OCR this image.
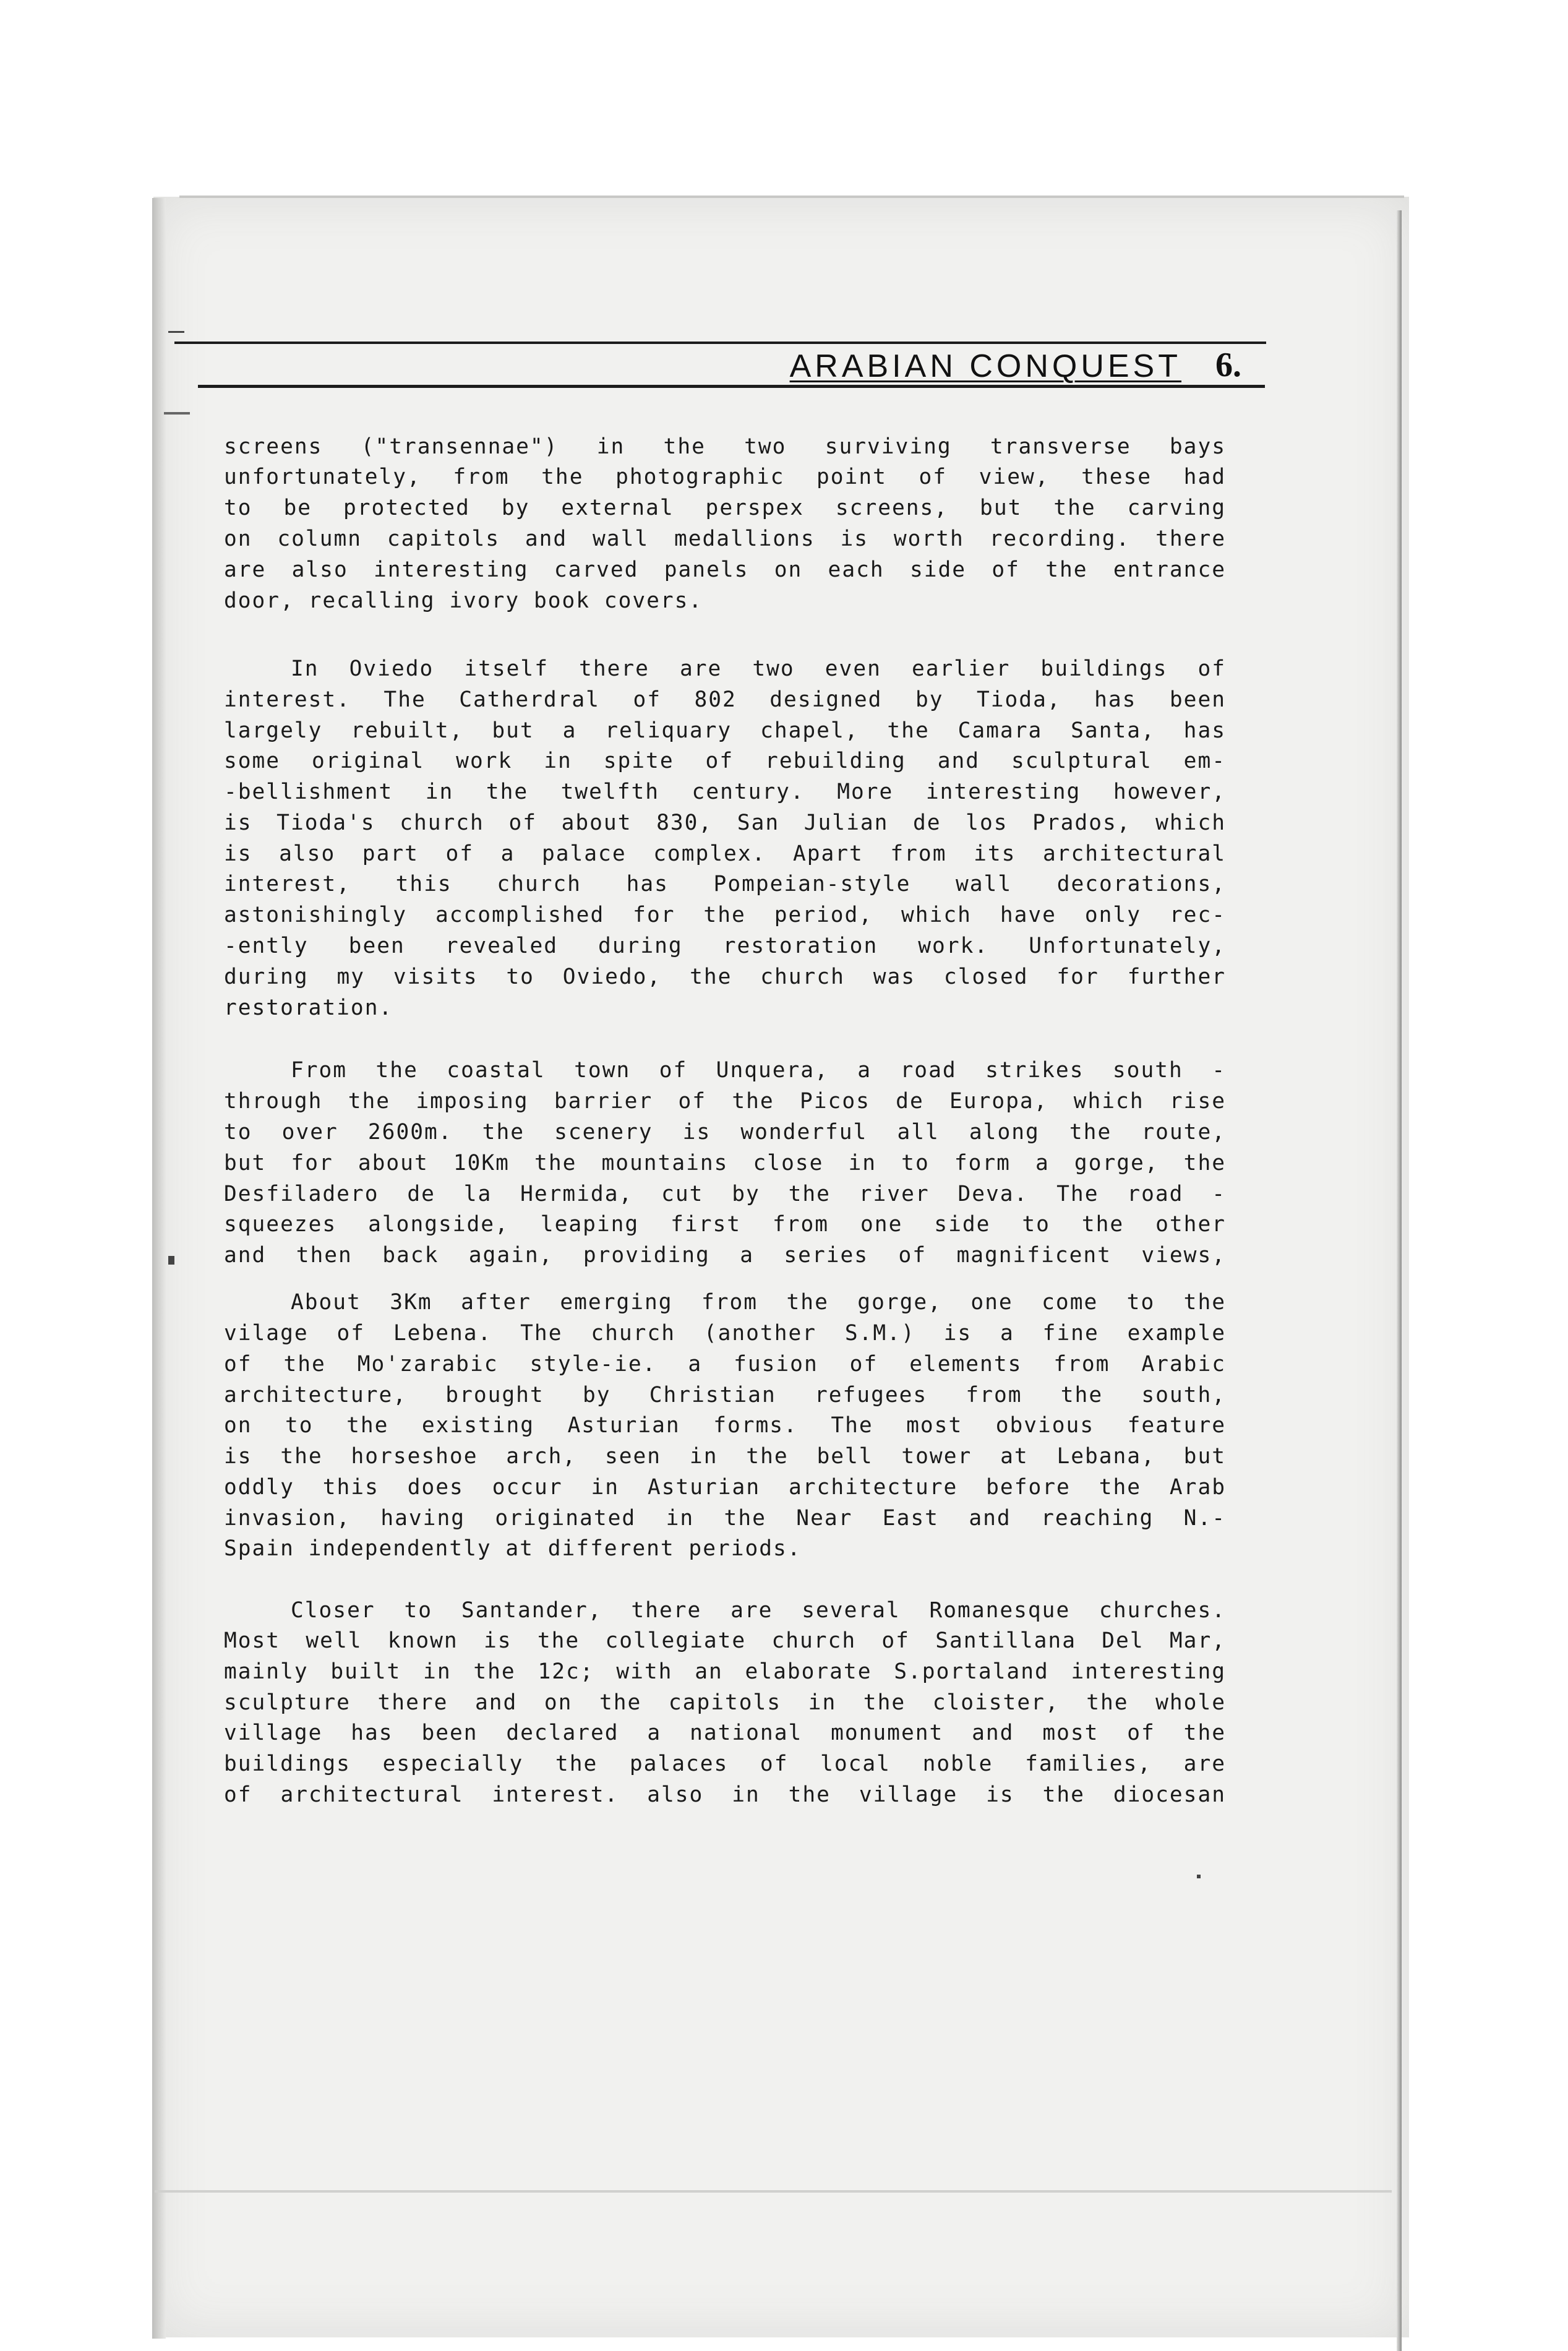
ARABIAN CONQUEST 6.
screens ("transennae") in the two surviving transverse bays
unfortunately, from the photographic point of view, these had
to be protected by external perspex screens, but the carving
on column capitols and wall medallions is worth recording. there
are also interesting carved panels on each side of the entrance
door, recalling ivory book covers.
In Oviedo itself there are two even earlier buildings of
interest. The Catherdral of 802 designed by Tioda, has been
largely rebuilt, but a reliquary chapel, the Camara Santa, has
some original work in spite of rebuilding and sculptural em-
-bellishment in the twelfth century. More interesting however,
is Tioda's church of about 830, San Julian de los Prados, which
is also part of a palace complex. Apart from its architectural
interest, this church has Pompeian-style wall decorations,
astonishingly accomplished for the period, which have only rec-
-ently been revealed during restoration work. Unfortunately,
during my visits to Oviedo, the church was closed for further
restoration.
From the coastal town of Unquera, a road strikes south -
through the imposing barrier of the Picos de Europa, which rise
to over 2600m. the scenery is wonderful all along the route,
but for about 10Km the mountains close in to form a gorge, the
Desfiladero de la Hermida, cut by the river Deva. The road -
squeezes alongside, leaping first from one side to the other
and then back again, providing a series of magnificent views,
About 3Km after emerging from the gorge, one come to the
vilage of Lebena. The church (another S.M.) is a fine example
of the Mo'zarabic style-ie. a fusion of elements from Arabic
architecture, brought by Christian refugees from the south,
on to the existing Asturian forms. The most obvious feature
is the horseshoe arch, seen in the bell tower at Lebana, but
oddly this does occur in Asturian architecture before the Arab
invasion, having originated in the Near East and reaching N.-
Spain independently at different periods.
Closer to Santander, there are several Romanesque churches.
Most well known is the collegiate church of Santillana Del Mar,
mainly built in the 12c; with an elaborate S.portaland interesting
sculpture there and on the capitols in the cloister, the whole
village has been declared a national monument and most of the
buildings especially the palaces of local noble families, are
of architectural interest. also in the village is the diocesan
